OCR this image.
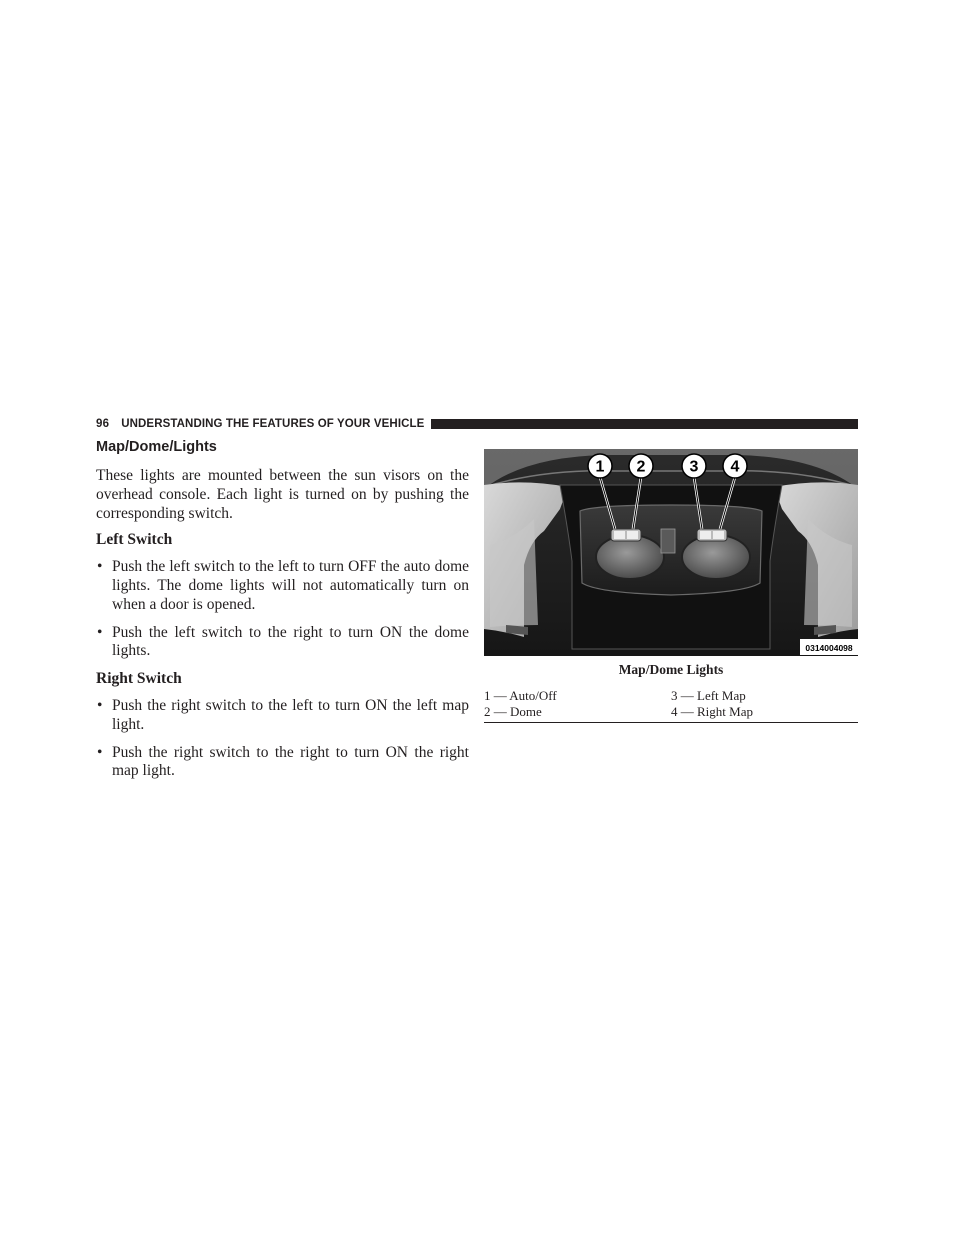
96 UNDERSTANDING THE FEATURES OF YOUR VEHICLE
Map/Dome/Lights

These lights are mounted between the sun visors on the overhead console. Each light is turned on by pushing the corresponding switch.

Left Switch
• Push the left switch to the left to turn OFF the auto dome lights. The dome lights will not automatically turn on when a door is opened.
• Push the left switch to the right to turn ON the dome lights.
Right Switch
• Push the right switch to the left to turn ON the left map light.
• Push the right switch to the right to turn ON the right map light.
1 2	3 4
0314004098
Map/Dome Lights
1 — Auto/Off	3 — Left Map
2 — Dome	4 — Right Map
